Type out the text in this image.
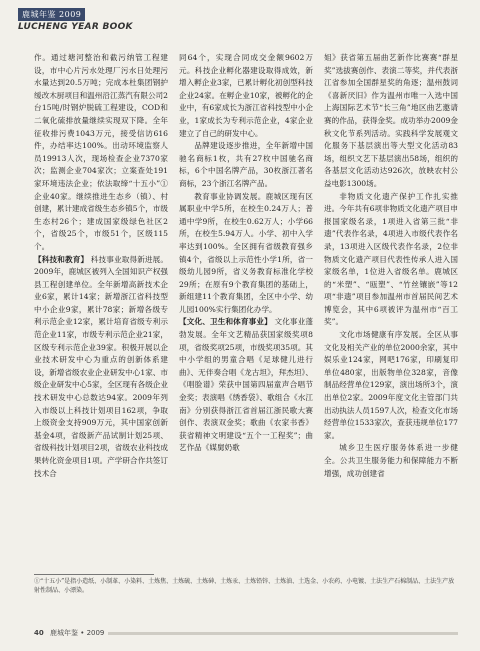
鹿城年鉴 2009
LUCHENG YEAR BOOK

作。通过塘河整治和截污纳管工程建设，市中心片污水处理厂污水日处理污水量达到20.5万吨；完成本杜集团钢护缓改木厨项目和温州沿江蒸汽有限公司2台15吨/时钢炉脱硫工程建设，COD和二氧化硫排放量继续实现双下降。全年征收排污费1043万元，接受信访616件，办结率达100%。出动环境监察人员19913人次，现场检查企业7370家次；监测企业704家次；立案查处191家环境违法企业；依法取缔“十五小”①企业40家。继续推进生态乡（镇）、村创建，累计建成省级生态乡镇5个，市级生态村26个；建成国家级绿色社区2个，省级25个，市级51个，区级115个。

【科技和教育】 科技事业取得新进展。2009年，鹿城区被列入全国知识产权强县工程创建单位。全年新增高新技术企业6家，累计14家；新增浙江省科技型中小企业9家，累计78家；新增各级专利示范企业12家，累计培育省级专利示范企业11家，市级专利示范企业21家，区级专利示范企业39家。积极开展以企业技术研发中心为重点的创新体系建设，新增省级农业企业研发中心1家、市级企业研发中心5家，全区现有各级企业技术研发中心总数达94家。2009年列入市级以上科技计划项目162项，争取上级资金支持909万元，其中国家创新基金4项，省级新产品试制计划25项、省级科技计划项目2项，省级农业科技成果转化资金项目1项。产学研合作共签订技术合

同64个，实现合同成交金额9602万元。科技企业孵化器建设取得成效，新增入孵企业3家，已累计孵化初创型科技企业24家。在孵企业10家，被孵化的企业中，有6家成长为浙江省科技型中小企业，1家成长为专利示范企业，4家企业建立了自己的研发中心。

品牌建设逐步推进，全年新增中国驰名商标1枚，共有27枚中国驰名商标，6个中国名牌产品，30枚浙江著名商标，23个浙江名牌产品。

教育事业协调发展。鹿城区现有区属职业中学5所，在校生0.24万人；普通中学9所，在校生0.62万人；小学66所，在校生5.94万人。小学、初中入学率达到100%。全区拥有省级教育强乡镇4个，省级以上示范性小学1所，省一级幼儿园9所，省义务教育标准化学校29所；在原有9个教育集团的基础上，新组建11个教育集团，全区中小学、幼儿园100%实行集团化办学。

【文化、卫生和体育事业】 文化事业蓬勃发展。全年文艺精品获国家级奖项8项，省级奖项25项，市级奖项35项。其中小学组的男童合唱《足球健儿进行曲》、无伴奏合唱《龙古坦》，拜杰坦》、《唱脸谱》荣获中国第四届童声合唱节金奖；表演唱《绣香袋》、歌组合《水江南》分别获得浙江省首届江浙民歌大赛创作、表演双金奖；歌曲《农家书香》获省精神文明建设“五个一工程奖”；曲艺作品《媒舅奶歌

姐》获省第五届曲艺新作比赛赛“群星奖”选拔赛创作、表演二等奖，并代表浙江省参加全国群星奖的角逐；温州鼓词《喜新厌旧》作为温州市唯一入选中国上海国际艺术节“长三角”地区曲艺邀请赛的作品，获得金奖。成功举办2009金秋文化节系列活动。实践科学发展观文化服务下基层演出等大型文化活动83场，组织文艺下基层演出58场，组织的各基层文化活动达926次，放映农村公益电影1300场。

非物质文化遗产保护工作扎实推进。今年共有6项非物质文化遗产项目申报国家级名录，1项进入省第三批“非遗”代表作名录，4项进入市级代表作名录，13项进入区级代表作名录，2位非物质文化遗产项目代表性传承人进入国家级名单，1位进入省级名单。鹿城区的“米塑”、“瓯塑”、“竹丝镶嵌”等12项“非遗”项目参加温州市首届民间艺术博览会，其中6项被评为温州市“百工奖”。

文化市场健康有序发展。全区从事文化及相关产业的单位2000余家，其中娱乐业124家，网吧176家，印刷复印单位480家，出版物单位328家，音像制品经营单位129家，演出场所3个，演出单位2家。2009年度文化主管部门共出动执法人员1597人次，检查文化市场经营单位1533家次，查获违规单位177家。

城乡卫生医疗服务体系进一步健全。公共卫生服务能力和保障能力不断增强，成功创建省

①“十五小”是指小造纸、小制革、小染料、土炼焦、土炼硫、土炼砷、土炼汞、土炼铅锌、土炼油、土选金、小农药、小电镀、土法生产石棉制品、土法生产放射性制品、小漂染。
40 鹿城年鉴 • 2009
